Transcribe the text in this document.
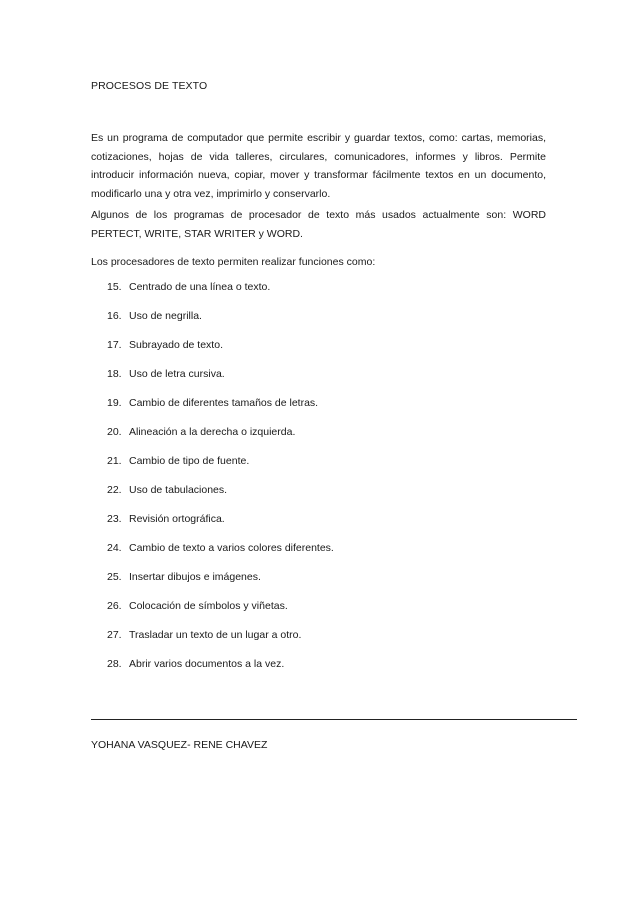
PROCESOS DE TEXTO
Es un programa de computador que permite escribir y guardar textos, como: cartas, memorias, cotizaciones, hojas de vida talleres, circulares, comunicadores, informes y libros. Permite introducir información nueva, copiar, mover y transformar fácilmente textos en un documento, modificarlo una y otra vez, imprimirlo y conservarlo.
Algunos de los programas de procesador de texto más usados actualmente son: WORD PERTECT, WRITE, STAR WRITER y WORD.
Los procesadores de texto permiten realizar funciones como:
15. Centrado de una línea o texto.
16. Uso de negrilla.
17. Subrayado de texto.
18. Uso de letra cursiva.
19. Cambio de diferentes tamaños de letras.
20. Alineación a la derecha o izquierda.
21. Cambio de tipo de fuente.
22. Uso de tabulaciones.
23. Revisión ortográfica.
24. Cambio de texto a varios colores diferentes.
25. Insertar dibujos e imágenes.
26. Colocación de símbolos y viñetas.
27. Trasladar un texto de un lugar a otro.
28. Abrir varios documentos a la vez.
YOHANA VASQUEZ- RENE CHAVEZ
